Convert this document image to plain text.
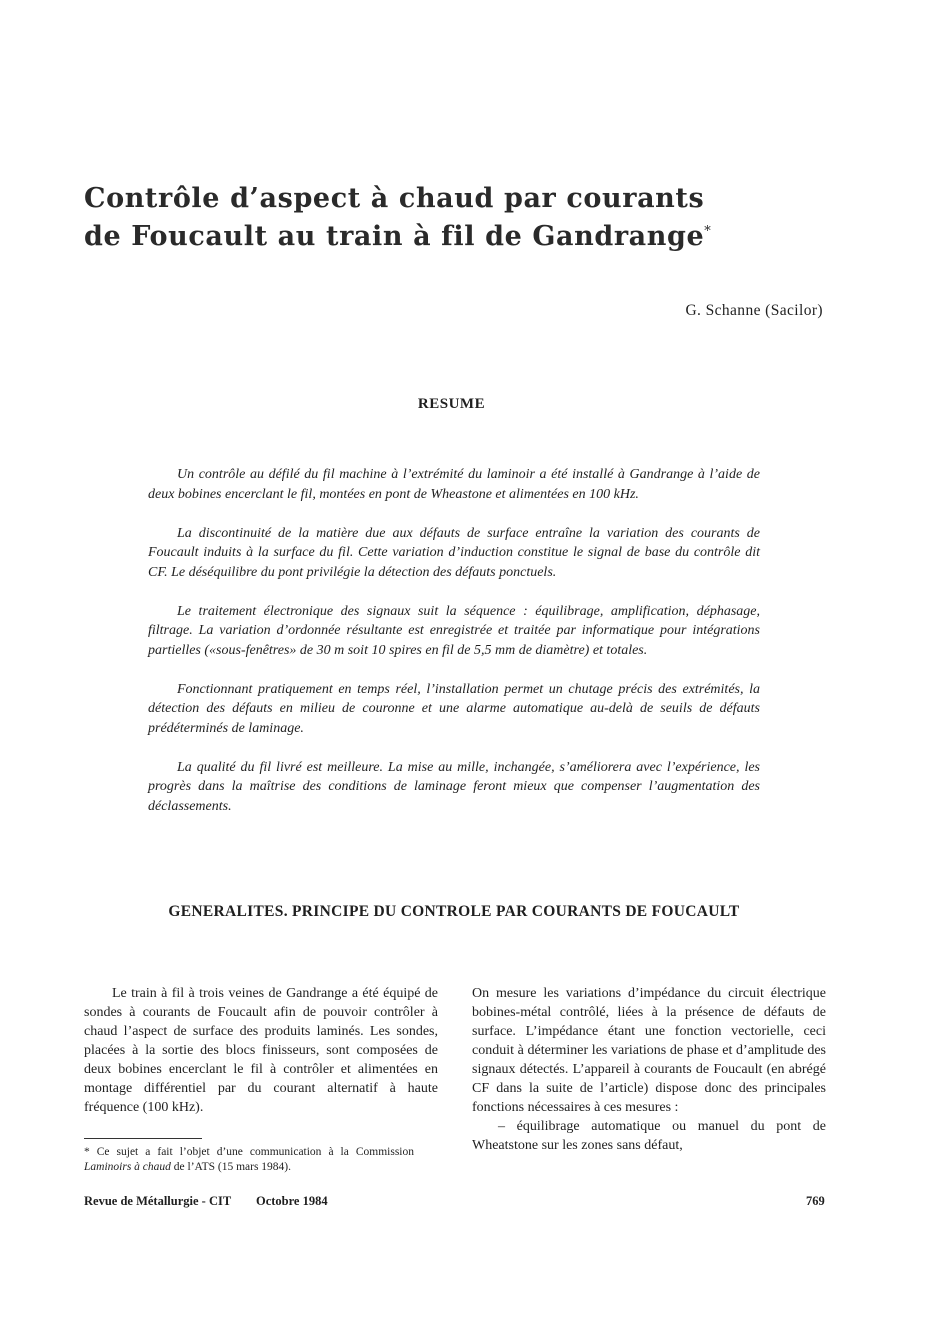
Contrôle d’aspect à chaud par courants
de Foucault au train à fil de Gandrange*
G. Schanne (Sacilor)
RESUME

Un contrôle au défilé du fil machine à l’extrémité du laminoir a été installé à Gandrange à l’aide de deux bobines encerclant le fil, montées en pont de Wheastone et alimentées en 100 kHz.

La discontinuité de la matière due aux défauts de surface entraîne la variation des courants de Foucault induits à la surface du fil. Cette variation d’induction constitue le signal de base du contrôle dit CF. Le déséquilibre du pont privilégie la détection des défauts ponctuels.

Le traitement électronique des signaux suit la séquence : équilibrage, amplification, déphasage, filtrage. La variation d’ordonnée résultante est enregistrée et traitée par informatique pour intégrations partielles («sous-fenêtres» de 30 m soit 10 spires en fil de 5,5 mm de diamètre) et totales.

Fonctionnant pratiquement en temps réel, l’installation permet un chutage précis des extrémités, la détection des défauts en milieu de couronne et une alarme automatique au-delà de seuils de défauts prédéterminés de laminage.

La qualité du fil livré est meilleure. La mise au mille, inchangée, s’améliorera avec l’expérience, les progrès dans la maîtrise des conditions de laminage feront mieux que compenser l’augmentation des déclassements.

GENERALITES. PRINCIPE DU CONTROLE PAR COURANTS DE FOUCAULT

Le train à fil à trois veines de Gandrange a été équipé de sondes à courants de Foucault afin de pouvoir contrôler à chaud l’aspect de surface des produits laminés. Les sondes, placées à la sortie des blocs finisseurs, sont composées de deux bobines encerclant le fil à contrôler et alimentées en montage différentiel par du courant alternatif à haute fréquence (100 kHz).

On mesure les variations d’impédance du circuit électrique bobines-métal contrôlé, liées à la présence de défauts de surface. L’impédance étant une fonction vectorielle, ceci conduit à déterminer les variations de phase et d’amplitude des signaux détectés. L’appareil à courants de Foucault (en abrégé CF dans la suite de l’article) dispose donc des principales fonctions nécessaires à ces mesures :

– équilibrage automatique ou manuel du pont de Wheatstone sur les zones sans défaut,

* Ce sujet a fait l’objet d’une communication à la Commission Laminoirs à chaud de l’ATS (15 mars 1984).
Revue de Métallurgie - CIT Octobre 1984	769
